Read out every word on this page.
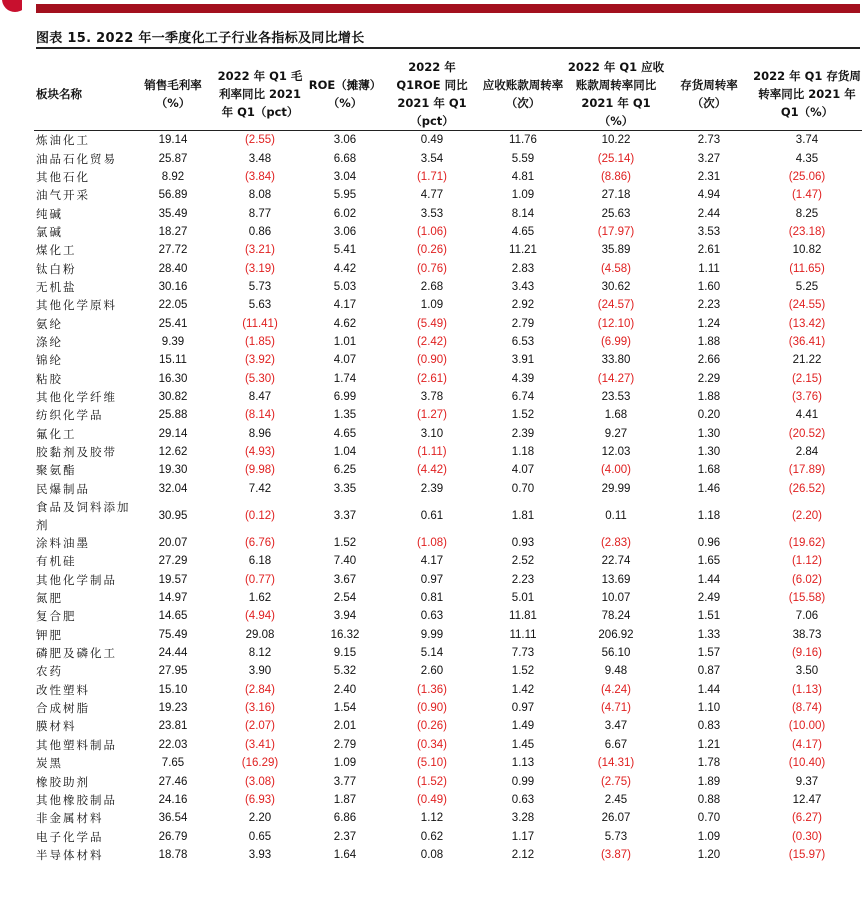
图表 15. 2022 年一季度化工子行业各指标及同比增长
板块名称	销售毛利率（%）	2022 年 Q1 毛利率同比 2021 年 Q1（pct）	ROE（摊薄）（%）	2022 年 Q1ROE 同比 2021 年 Q1（pct）	应收账款周转率（次）	2022 年 Q1 应收账款周转率同比 2021 年 Q1（%）	存货周转率（次）	2022 年 Q1 存货周转率同比 2021 年 Q1（%）
炼油化工	19.14	(2.55)	3.06	0.49	11.76	10.22	2.73	3.74
油品石化贸易	25.87	3.48	6.68	3.54	5.59	(25.14)	3.27	4.35
其他石化	8.92	(3.84)	3.04	(1.71)	4.81	(8.86)	2.31	(25.06)
油气开采	56.89	8.08	5.95	4.77	1.09	27.18	4.94	(1.47)
纯碱	35.49	8.77	6.02	3.53	8.14	25.63	2.44	8.25
氯碱	18.27	0.86	3.06	(1.06)	4.65	(17.97)	3.53	(23.18)
煤化工	27.72	(3.21)	5.41	(0.26)	11.21	35.89	2.61	10.82
钛白粉	28.40	(3.19)	4.42	(0.76)	2.83	(4.58)	1.11	(11.65)
无机盐	30.16	5.73	5.03	2.68	3.43	30.62	1.60	5.25
其他化学原料	22.05	5.63	4.17	1.09	2.92	(24.57)	2.23	(24.55)
氨纶	25.41	(11.41)	4.62	(5.49)	2.79	(12.10)	1.24	(13.42)
涤纶	9.39	(1.85)	1.01	(2.42)	6.53	(6.99)	1.88	(36.41)
锦纶	15.11	(3.92)	4.07	(0.90)	3.91	33.80	2.66	21.22
粘胶	16.30	(5.30)	1.74	(2.61)	4.39	(14.27)	2.29	(2.15)
其他化学纤维	30.82	8.47	6.99	3.78	6.74	23.53	1.88	(3.76)
纺织化学品	25.88	(8.14)	1.35	(1.27)	1.52	1.68	0.20	4.41
氟化工	29.14	8.96	4.65	3.10	2.39	9.27	1.30	(20.52)
胶黏剂及胶带	12.62	(4.93)	1.04	(1.11)	1.18	12.03	1.30	2.84
聚氨酯	19.30	(9.98)	6.25	(4.42)	4.07	(4.00)	1.68	(17.89)
民爆制品	32.04	7.42	3.35	2.39	0.70	29.99	1.46	(26.52)
食品及饲料添加剂	30.95	(0.12)	3.37	0.61	1.81	0.11	1.18	(2.20)
涂料油墨	20.07	(6.76)	1.52	(1.08)	0.93	(2.83)	0.96	(19.62)
有机硅	27.29	6.18	7.40	4.17	2.52	22.74	1.65	(1.12)
其他化学制品	19.57	(0.77)	3.67	0.97	2.23	13.69	1.44	(6.02)
氮肥	14.97	1.62	2.54	0.81	5.01	10.07	2.49	(15.58)
复合肥	14.65	(4.94)	3.94	0.63	11.81	78.24	1.51	7.06
钾肥	75.49	29.08	16.32	9.99	11.11	206.92	1.33	38.73
磷肥及磷化工	24.44	8.12	9.15	5.14	7.73	56.10	1.57	(9.16)
农药	27.95	3.90	5.32	2.60	1.52	9.48	0.87	3.50
改性塑料	15.10	(2.84)	2.40	(1.36)	1.42	(4.24)	1.44	(1.13)
合成树脂	19.23	(3.16)	1.54	(0.90)	0.97	(4.71)	1.10	(8.74)
膜材料	23.81	(2.07)	2.01	(0.26)	1.49	3.47	0.83	(10.00)
其他塑料制品	22.03	(3.41)	2.79	(0.34)	1.45	6.67	1.21	(4.17)
炭黑	7.65	(16.29)	1.09	(5.10)	1.13	(14.31)	1.78	(10.40)
橡胶助剂	27.46	(3.08)	3.77	(1.52)	0.99	(2.75)	1.89	9.37
其他橡胶制品	24.16	(6.93)	1.87	(0.49)	0.63	2.45	0.88	12.47
非金属材料	36.54	2.20	6.86	1.12	3.28	26.07	0.70	(6.27)
电子化学品	26.79	0.65	2.37	0.62	1.17	5.73	1.09	(0.30)
半导体材料	18.78	3.93	1.64	0.08	2.12	(3.87)	1.20	(15.97)
